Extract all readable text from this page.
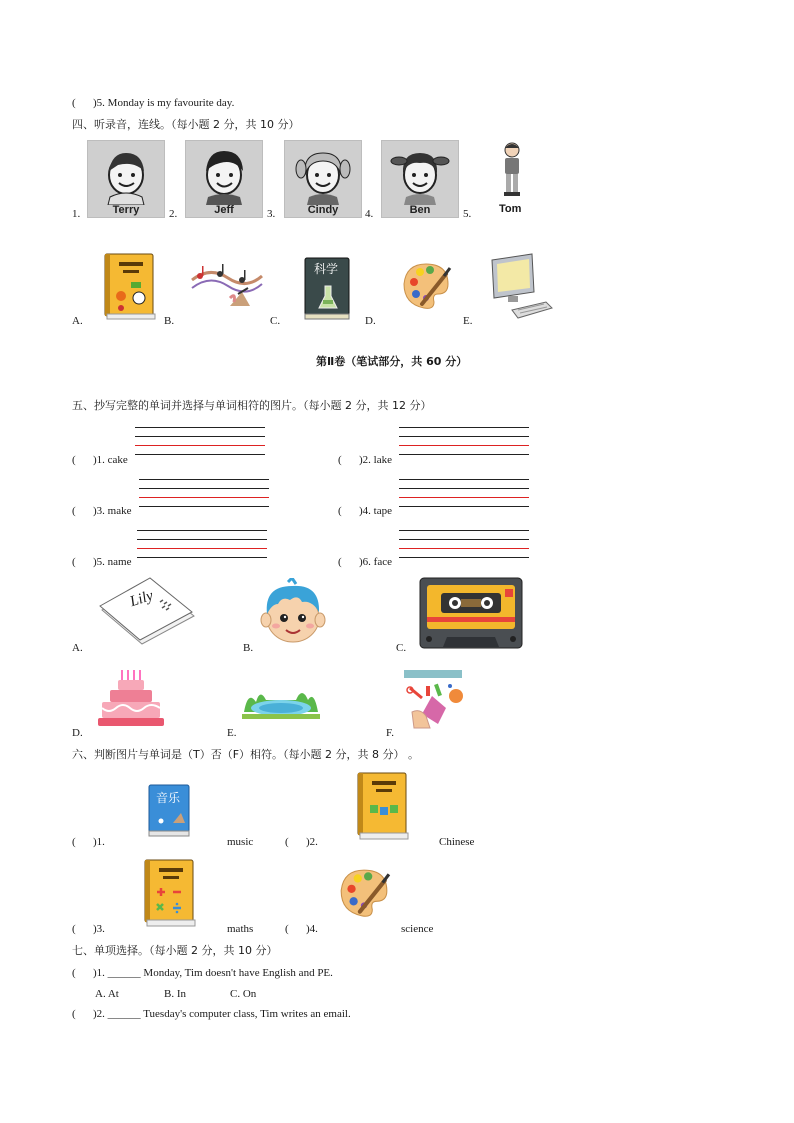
( )5. Monday is my favourite day.
四、听录音，连线。（每小题 2 分，共 10 分）
Terry	Jeff	Cindy	Ben	Tom
1.	2.	3.	4.	5.
科学
A.	B.	C.	D.	E.
第Ⅱ卷（笔试部分，共 60 分）
五、抄写完整的单词并选择与单词相符的图片。（每小题 2 分，共 12 分）
( )1. cake	( )2. lake
( )3. make	( )4. tape
( )5. name	( )6. face
Lily
A.	B.	C.
D.	E.	F.
六、判断图片与单词是（T）否（F）相符。（每小题 2 分，共 8 分） 。
音乐
( )1.	music	( )2.	Chinese
( )3.	maths	( )4.	science
七、单项选择。（每小题 2 分，共 10 分）
( )1. ______ Monday, Tim doesn't have English and PE.
A. At	B. In	C. On
( )2. ______ Tuesday's computer class, Tim writes an email.
